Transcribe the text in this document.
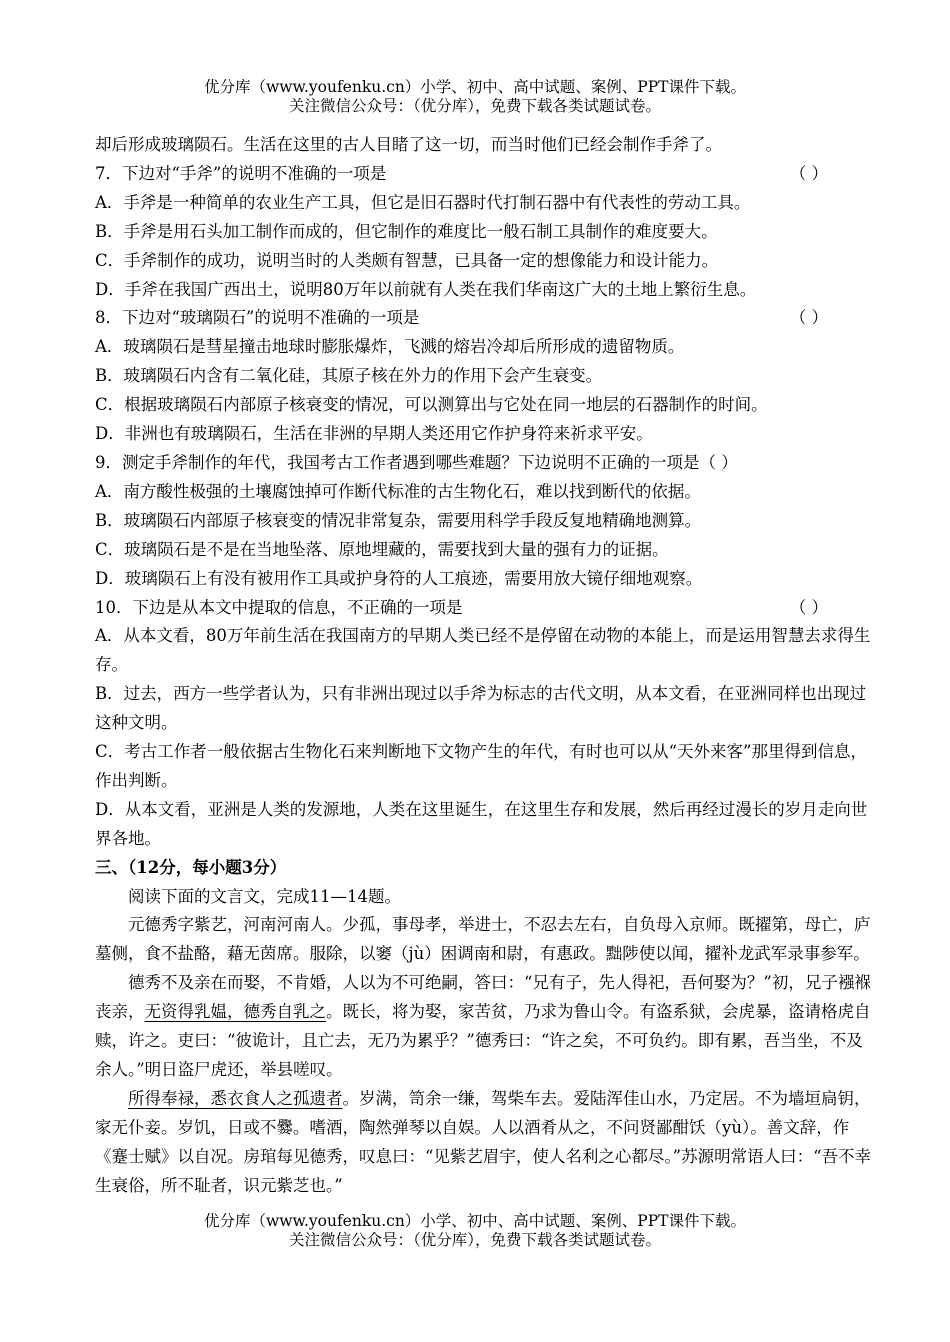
优分库（www.youfenku.cn）小学、初中、高中试题、案例、PPT课件下载。
关注微信公众号：（优分库），免费下载各类试题试卷。
却后形成玻璃陨石。生活在这里的古人目睹了这一切，而当时他们已经会制作手斧了。
7．下边对“手斧”的说明不准确的一项是	（ ）
A．手斧是一种简单的农业生产工具，但它是旧石器时代打制石器中有代表性的劳动工具。
B．手斧是用石头加工制作而成的，但它制作的难度比一般石制工具制作的难度要大。
C．手斧制作的成功，说明当时的人类颇有智慧，已具备一定的想像能力和设计能力。
D．手斧在我国广西出土，说明80万年以前就有人类在我们华南这广大的土地上繁衍生息。
8．下边对“玻璃陨石”的说明不准确的一项是	（ ）
A．玻璃陨石是彗星撞击地球时膨胀爆炸，飞溅的熔岩冷却后所形成的遗留物质。
B．玻璃陨石内含有二氧化硅，其原子核在外力的作用下会产生衰变。
C．根据玻璃陨石内部原子核衰变的情况，可以测算出与它处在同一地层的石器制作的时间。
D．非洲也有玻璃陨石，生活在非洲的早期人类还用它作护身符来祈求平安。
9．测定手斧制作的年代，我国考古工作者遇到哪些难题？下边说明不正确的一项是（ ）
A．南方酸性极强的土壤腐蚀掉可作断代标准的古生物化石，难以找到断代的依据。
B．玻璃陨石内部原子核衰变的情况非常复杂，需要用科学手段反复地精确地测算。
C．玻璃陨石是不是在当地坠落、原地埋藏的，需要找到大量的强有力的证据。
D．玻璃陨石上有没有被用作工具或护身符的人工痕迹，需要用放大镜仔细地观察。
10．下边是从本文中提取的信息，不正确的一项是	（ ）
A．从本文看，80万年前生活在我国南方的早期人类已经不是停留在动物的本能上，而是运用智慧去求得生存。
B．过去，西方一些学者认为，只有非洲出现过以手斧为标志的古代文明，从本文看，在亚洲同样也出现过这种文明。
C．考古工作者一般依据古生物化石来判断地下文物产生的年代，有时也可以从“天外来客”那里得到信息，作出判断。
D．从本文看，亚洲是人类的发源地，人类在这里诞生，在这里生存和发展，然后再经过漫长的岁月走向世界各地。
三、（12分，每小题3分）
阅读下面的文言文，完成11—14题。
元德秀字紫艺，河南河南人。少孤，事母孝，举进士，不忍去左右，自负母入京师。既擢第，母亡，庐墓侧，食不盐酪，藉无茵席。服除，以窭（jù）困调南和尉，有惠政。黜陟使以闻，擢补龙武军录事参军。
德秀不及亲在而娶，不肯婚，人以为不可绝嗣，答曰：“兄有子，先人得祀，吾何娶为？”初，兄子襁褓丧亲，无资得乳媪，德秀自乳之。既长，将为娶，家苦贫，乃求为鲁山令。有盗系狱，会虎暴，盗请格虎自赎，许之。吏曰：“彼诡计，且亡去，无乃为累乎？”德秀曰：“许之矣，不可负约。即有累，吾当坐，不及余人。”明日盗尸虎还，举县嗟叹。
所得奉禄，悉衣食人之孤遗者。岁满，笥余一缣，驾柴车去。爱陆浑佳山水，乃定居。不为墙垣扃钥，家无仆妾。岁饥，日或不爨。嗜酒，陶然弹琴以自娱。人以酒肴从之，不问贤鄙酣饫（yù）。善文辞，作《蹇士赋》以自况。房琯每见德秀，叹息曰：“见紫艺眉宇，使人名利之心都尽。”苏源明常语人曰：“吾不幸生衰俗，所不耻者，识元紫芝也。”
优分库（www.youfenku.cn）小学、初中、高中试题、案例、PPT课件下载。
关注微信公众号：（优分库），免费下载各类试题试卷。
